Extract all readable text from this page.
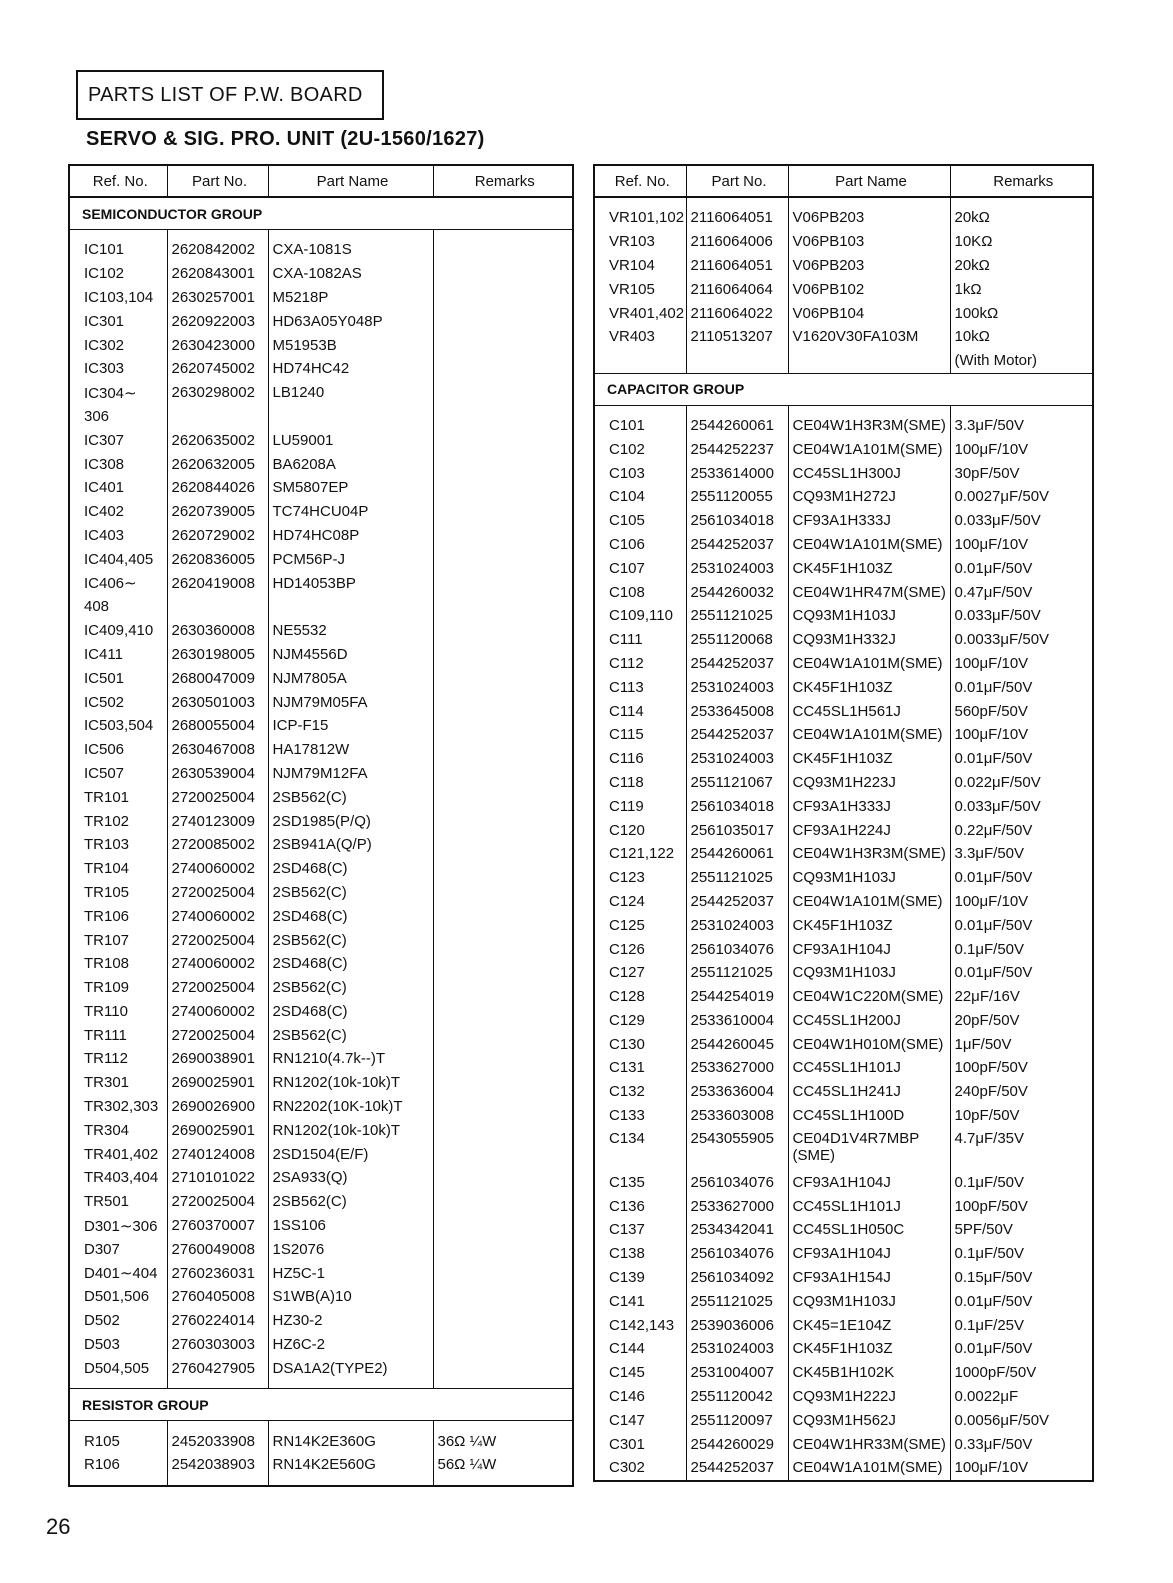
PARTS LIST OF P.W. BOARD
SERVO & SIG. PRO. UNIT (2U-1560/1627)
Ref. No.	Part No.	Part Name	Remarks
SEMICONDUCTOR GROUP			

IC101	2620842002	CXA-1081S	
IC102	2620843001	CXA-1082AS	
IC103,104	2630257001	M5218P	
IC301	2620922003	HD63A05Y048P	
IC302	2630423000	M51953B	
IC303	2620745002	HD74HC42	
IC304∼	2630298002	LB1240	
306			
IC307	2620635002	LU59001	
IC308	2620632005	BA6208A	
IC401	2620844026	SM5807EP	
IC402	2620739005	TC74HCU04P	
IC403	2620729002	HD74HC08P	
IC404,405	2620836005	PCM56P-J	
IC406∼	2620419008	HD14053BP	
408			
IC409,410	2630360008	NE5532	
IC411	2630198005	NJM4556D	
IC501	2680047009	NJM7805A	
IC502	2630501003	NJM79M05FA	
IC503,504	2680055004	ICP-F15	
IC506	2630467008	HA17812W	
IC507	2630539004	NJM79M12FA	
TR101	2720025004	2SB562(C)	
TR102	2740123009	2SD1985(P/Q)	
TR103	2720085002	2SB941A(Q/P)	
TR104	2740060002	2SD468(C)	
TR105	2720025004	2SB562(C)	
TR106	2740060002	2SD468(C)	
TR107	2720025004	2SB562(C)	
TR108	2740060002	2SD468(C)	
TR109	2720025004	2SB562(C)	
TR110	2740060002	2SD468(C)	
TR111	2720025004	2SB562(C)	
TR112	2690038901	RN1210(4.7k--)T	
TR301	2690025901	RN1202(10k-10k)T	
TR302,303	2690026900	RN2202(10K-10k)T	
TR304	2690025901	RN1202(10k-10k)T	
TR401,402	2740124008	2SD1504(E/F)	
TR403,404	2710101022	2SA933(Q)	
TR501	2720025004	2SB562(C)	
D301∼306	2760370007	1SS106	
D307	2760049008	1S2076	
D401∼404	2760236031	HZ5C-1	
D501,506	2760405008	S1WB(A)10	
D502	2760224014	HZ30-2	
D503	2760303003	HZ6C-2	
D504,505	2760427905	DSA1A2(TYPE2)	

RESISTOR GROUP			

R105	2452033908	RN14K2E360G	36Ω ¼W
R106	2542038903	RN14K2E560G	56Ω ¼W

Ref. No.	Part No.	Part Name	Remarks

VR101,102	2116064051	V06PB203	20kΩ
VR103	2116064006	V06PB103	10KΩ
VR104	2116064051	V06PB203	20kΩ
VR105	2116064064	V06PB102	1kΩ
VR401,402	2116064022	V06PB104	100kΩ
VR403	2110513207	V1620V30FA103M	10kΩ
			(With Motor)
CAPACITOR GROUP			

C101	2544260061	CE04W1H3R3M(SME)	3.3μF/50V
C102	2544252237	CE04W1A101M(SME)	100μF/10V
C103	2533614000	CC45SL1H300J	30pF/50V
C104	2551120055	CQ93M1H272J	0.0027μF/50V
C105	2561034018	CF93A1H333J	0.033μF/50V
C106	2544252037	CE04W1A101M(SME)	100μF/10V
C107	2531024003	CK45F1H103Z	0.01μF/50V
C108	2544260032	CE04W1HR47M(SME)	0.47μF/50V
C109,110	2551121025	CQ93M1H103J	0.033μF/50V
C111	2551120068	CQ93M1H332J	0.0033μF/50V
C112	2544252037	CE04W1A101M(SME)	100μF/10V
C113	2531024003	CK45F1H103Z	0.01μF/50V
C114	2533645008	CC45SL1H561J	560pF/50V
C115	2544252037	CE04W1A101M(SME)	100μF/10V
C116	2531024003	CK45F1H103Z	0.01μF/50V
C118	2551121067	CQ93M1H223J	0.022μF/50V
C119	2561034018	CF93A1H333J	0.033μF/50V
C120	2561035017	CF93A1H224J	0.22μF/50V
C121,122	2544260061	CE04W1H3R3M(SME)	3.3μF/50V
C123	2551121025	CQ93M1H103J	0.01μF/50V
C124	2544252037	CE04W1A101M(SME)	100μF/10V
C125	2531024003	CK45F1H103Z	0.01μF/50V
C126	2561034076	CF93A1H104J	0.1μF/50V
C127	2551121025	CQ93M1H103J	0.01μF/50V
C128	2544254019	CE04W1C220M(SME)	22μF/16V
C129	2533610004	CC45SL1H200J	20pF/50V
C130	2544260045	CE04W1H010M(SME)	1μF/50V
C131	2533627000	CC45SL1H101J	100pF/50V
C132	2533636004	CC45SL1H241J	240pF/50V
C133	2533603008	CC45SL1H100D	10pF/50V
C134	2543055905	CE04D1V4R7MBP (SME)	4.7μF/35V
C135	2561034076	CF93A1H104J	0.1μF/50V
C136	2533627000	CC45SL1H101J	100pF/50V
C137	2534342041	CC45SL1H050C	5PF/50V
C138	2561034076	CF93A1H104J	0.1μF/50V
C139	2561034092	CF93A1H154J	0.15μF/50V
C141	2551121025	CQ93M1H103J	0.01μF/50V
C142,143	2539036006	CK45=1E104Z	0.1μF/25V
C144	2531024003	CK45F1H103Z	0.01μF/50V
C145	2531004007	CK45B1H102K	1000pF/50V
C146	2551120042	CQ93M1H222J	0.0022μF
C147	2551120097	CQ93M1H562J	0.0056μF/50V
C301	2544260029	CE04W1HR33M(SME)	0.33μF/50V
C302	2544252037	CE04W1A101M(SME)	100μF/10V
26
